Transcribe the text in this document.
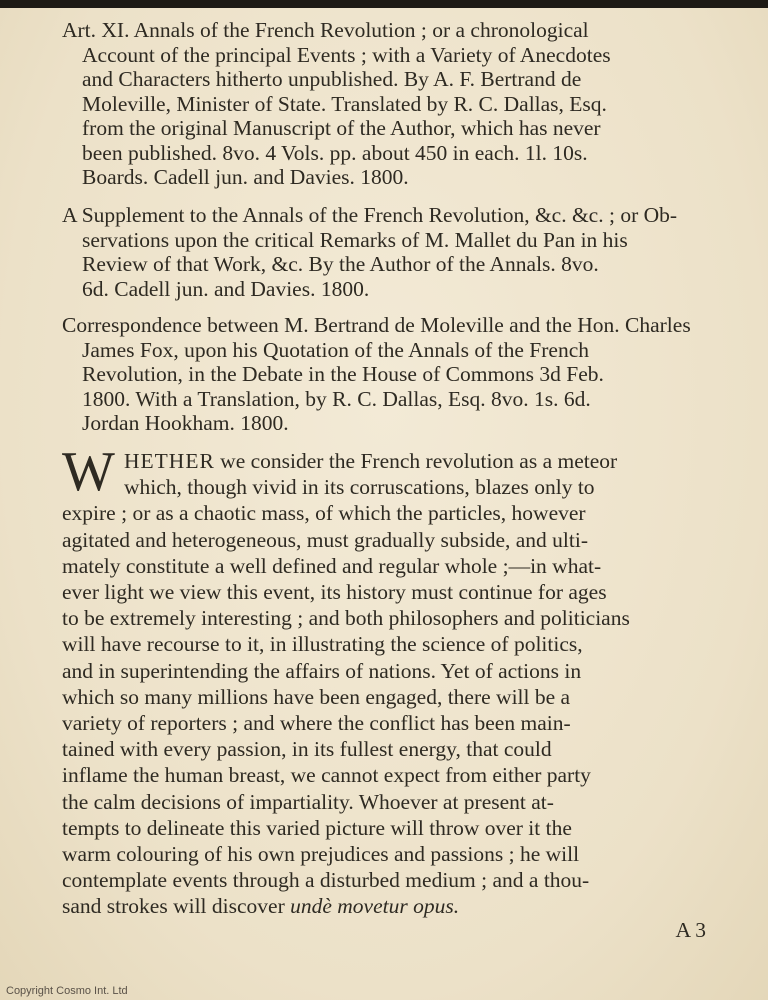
Art. XI. Annals of the French Revolution ; or a chronological
Account of the principal Events ; with a Variety of Anecdotes
and Characters hitherto unpublished. By A. F. Bertrand de
Moleville, Minister of State. Translated by R. C. Dallas, Esq.
from the original Manuscript of the Author, which has never
been published. 8vo. 4 Vols. pp. about 450 in each. 1l. 10s.
Boards. Cadell jun. and Davies. 1800.
A Supplement to the Annals of the French Revolution, &c. &c. ; or Ob-
servations upon the critical Remarks of M. Mallet du Pan in his
Review of that Work, &c. By the Author of the Annals. 8vo.
6d. Cadell jun. and Davies. 1800.
Correspondence between M. Bertrand de Moleville and the Hon. Charles
James Fox, upon his Quotation of the Annals of the French
Revolution, in the Debate in the House of Commons 3d Feb.
1800. With a Translation, by R. C. Dallas, Esq. 8vo. 1s. 6d.
Jordan Hookham. 1800.
W HETHER we consider the French revolution as a meteor
which, though vivid in its corruscations, blazes only to
expire ; or as a chaotic mass, of which the particles, however
agitated and heterogeneous, must gradually subside, and ulti-
mately constitute a well defined and regular whole ;—in what-
ever light we view this event, its history must continue for ages
to be extremely interesting ; and both philosophers and politicians
will have recourse to it, in illustrating the science of politics,
and in superintending the affairs of nations. Yet of actions in
which so many millions have been engaged, there will be a
variety of reporters ; and where the conflict has been main-
tained with every passion, in its fullest energy, that could
inflame the human breast, we cannot expect from either party
the calm decisions of impartiality. Whoever at present at-
tempts to delineate this varied picture will throw over it the
warm colouring of his own prejudices and passions ; he will
contemplate events through a disturbed medium ; and a thou-
sand strokes will discover undè movetur opus.
A 3
Copyright Cosmo Int. Ltd
